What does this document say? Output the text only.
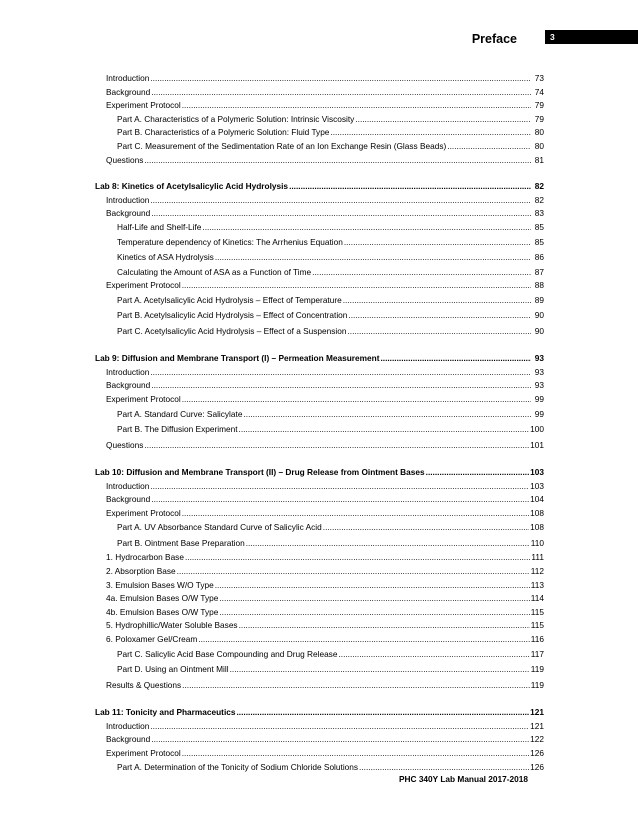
Preface	3
Introduction .....	73
Background .....	74
Experiment Protocol .....	79
Part A. Characteristics of a Polymeric Solution: Intrinsic Viscosity .....	79
Part B. Characteristics of a Polymeric Solution: Fluid Type .....	80
Part C. Measurement of the Sedimentation Rate of an Ion Exchange Resin (Glass Beads) .....	80
Questions .....	81
Lab 8: Kinetics of Acetylsalicylic Acid Hydrolysis .....	82
Introduction .....	82
Background .....	83
Half-Life and Shelf-Life .....	85
Temperature dependency of Kinetics: The Arrhenius Equation .....	85
Kinetics of ASA Hydrolysis .....	86
Calculating the Amount of ASA as a Function of Time .....	87
Experiment Protocol .....	88
Part A. Acetylsalicylic Acid Hydrolysis – Effect of Temperature .....	89
Part B. Acetylsalicylic Acid Hydrolysis – Effect of Concentration .....	90
Part C. Acetylsalicylic Acid Hydrolysis – Effect of a Suspension .....	90
Lab 9: Diffusion and Membrane Transport (I) – Permeation Measurement .....	93
Introduction .....	93
Background .....	93
Experiment Protocol .....	99
Part A. Standard Curve: Salicylate .....	99
Part B. The Diffusion Experiment .....	100
Questions .....	101
Lab 10: Diffusion and Membrane Transport (II) – Drug Release from Ointment Bases .....	103
Introduction .....	103
Background .....	104
Experiment Protocol .....	108
Part A. UV Absorbance Standard Curve of Salicylic Acid .....	108
Part B. Ointment Base Preparation .....	110
1. Hydrocarbon Base .....	111
2. Absorption Base .....	112
3. Emulsion Bases W/O Type .....	113
4a. Emulsion Bases O/W Type .....	114
4b. Emulsion Bases O/W Type .....	115
5. Hydrophillic/Water Soluble Bases .....	115
6. Poloxamer Gel/Cream .....	116
Part C. Salicylic Acid Base Compounding and Drug Release .....	117
Part D. Using an Ointment Mill .....	119
Results & Questions .....	119
Lab 11: Tonicity and Pharmaceutics .....	121
Introduction .....	121
Background .....	122
Experiment Protocol .....	126
Part A. Determination of the Tonicity of Sodium Chloride Solutions .....	126
PHC 340Y Lab Manual 2017-2018
